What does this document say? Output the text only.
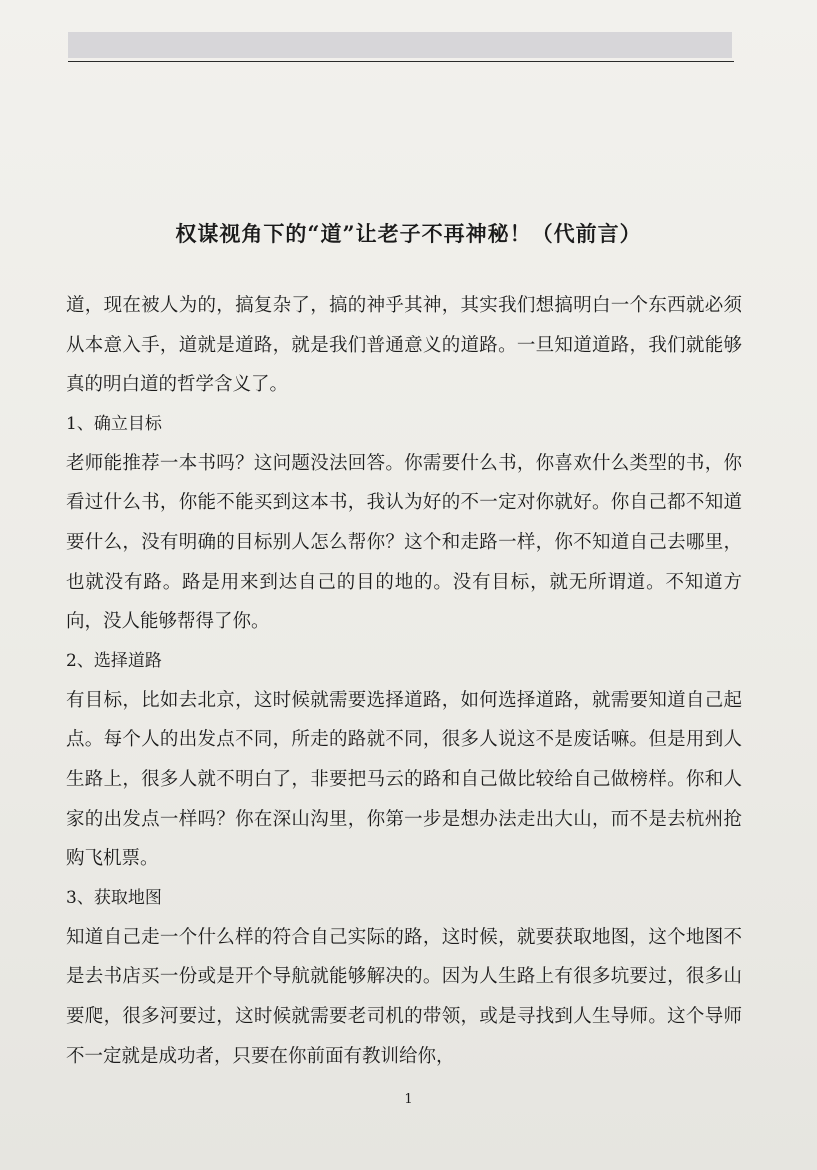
权谋视角下的“道”让老子不再神秘！（代前言）

道，现在被人为的，搞复杂了，搞的神乎其神，其实我们想搞明白一个东西就必须从本意入手，道就是道路，就是我们普通意义的道路。一旦知道道路，我们就能够真的明白道的哲学含义了。

1、确立目标

老师能推荐一本书吗？这问题没法回答。你需要什么书，你喜欢什么类型的书，你看过什么书，你能不能买到这本书，我认为好的不一定对你就好。你自己都不知道要什么，没有明确的目标别人怎么帮你？这个和走路一样，你不知道自己去哪里，也就没有路。路是用来到达自己的目的地的。没有目标，就无所谓道。不知道方向，没人能够帮得了你。

2、选择道路

有目标，比如去北京，这时候就需要选择道路，如何选择道路，就需要知道自己起点。每个人的出发点不同，所走的路就不同，很多人说这不是废话嘛。但是用到人生路上，很多人就不明白了，非要把马云的路和自己做比较给自己做榜样。你和人家的出发点一样吗？你在深山沟里，你第一步是想办法走出大山，而不是去杭州抢购飞机票。

3、获取地图

知道自己走一个什么样的符合自己实际的路，这时候，就要获取地图，这个地图不是去书店买一份或是开个导航就能够解决的。因为人生路上有很多坑要过，很多山要爬，很多河要过，这时候就需要老司机的带领，或是寻找到人生导师。这个导师不一定就是成功者，只要在你前面有教训给你，

1
